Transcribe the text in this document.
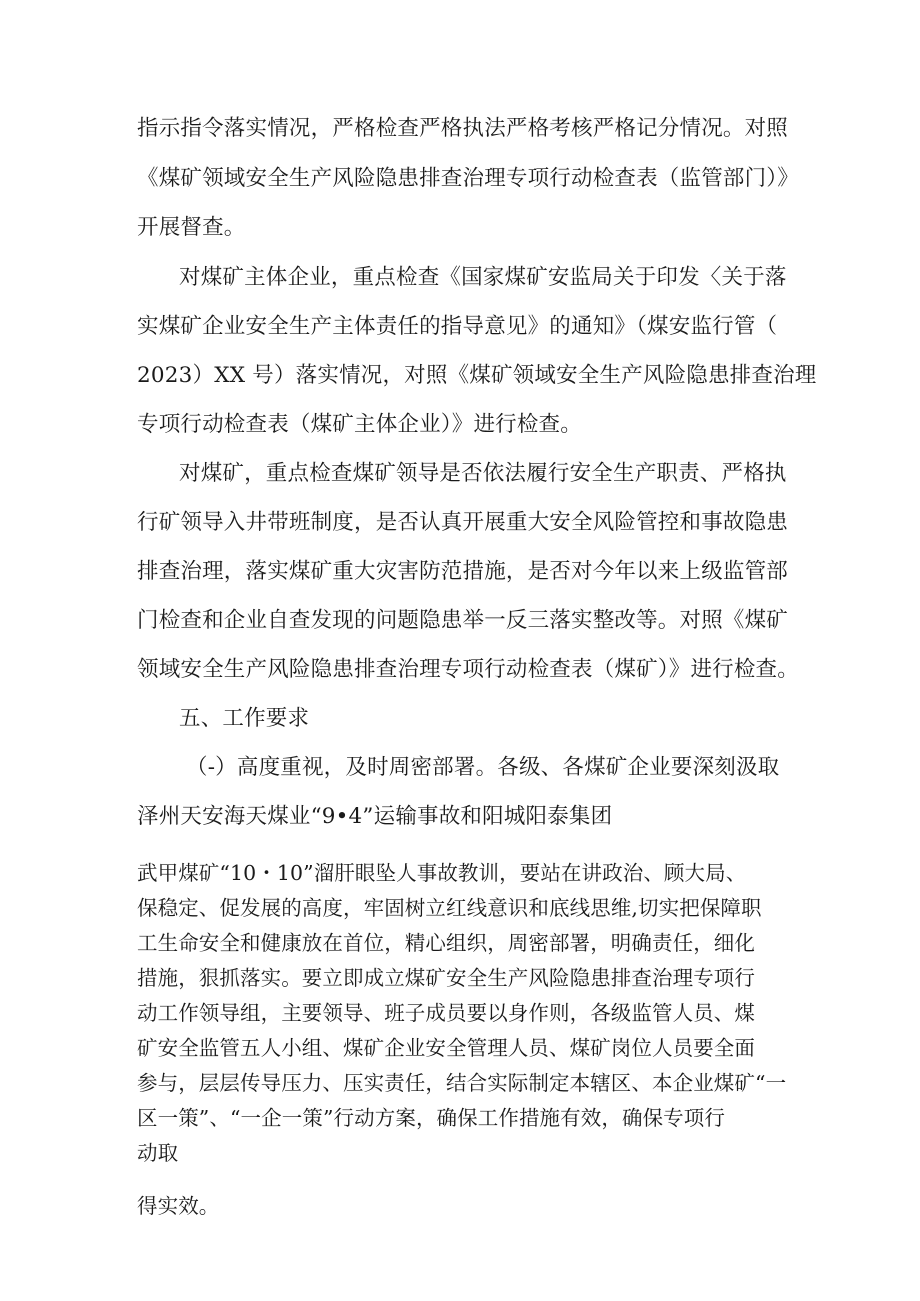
指示指令落实情况，严格检查严格执法严格考核严格记分情况。对照

《煤矿领域安全生产风险隐患排查治理专项行动检查表（监管部门）》

开展督查。

对煤矿主体企业，重点检查《国家煤矿安监局关于印发〈关于落

实煤矿企业安全生产主体责任的指导意见》的通知》（煤安监行管（

2023）XX 号）落实情况，对照《煤矿领域安全生产风险隐患排查治理

专项行动检查表（煤矿主体企业）》进行检查。

对煤矿，重点检查煤矿领导是否依法履行安全生产职责、严格执

行矿领导入井带班制度，是否认真开展重大安全风险管控和事故隐患

排查治理，落实煤矿重大灾害防范措施，是否对今年以来上级监管部

门检查和企业自查发现的问题隐患举一反三落实整改等。对照《煤矿

领域安全生产风险隐患排查治理专项行动检查表（煤矿）》进行检查。

五、工作要求

（-）高度重视，及时周密部署。各级、各煤矿企业要深刻汲取

泽州天安海天煤业“9•4”运输事故和阳城阳泰集团

武甲煤矿“10・10”溜肝眼坠人事故教训，要站在讲政治、顾大局、

保稳定、促发展的高度，牢固树立红线意识和底线思维,切实把保障职

工生命安全和健康放在首位，精心组织，周密部署，明确责任，细化

措施，狠抓落实。要立即成立煤矿安全生产风险隐患排查治理专项行

动工作领导组，主要领导、班子成员要以身作则，各级监管人员、煤

矿安全监管五人小组、煤矿企业安全管理人员、煤矿岗位人员要全面

参与，层层传导压力、压实责任，结合实际制定本辖区、本企业煤矿“一

区一策”、“一企一策”行动方案，确保工作措施有效，确保专项行

动取

得实效。
